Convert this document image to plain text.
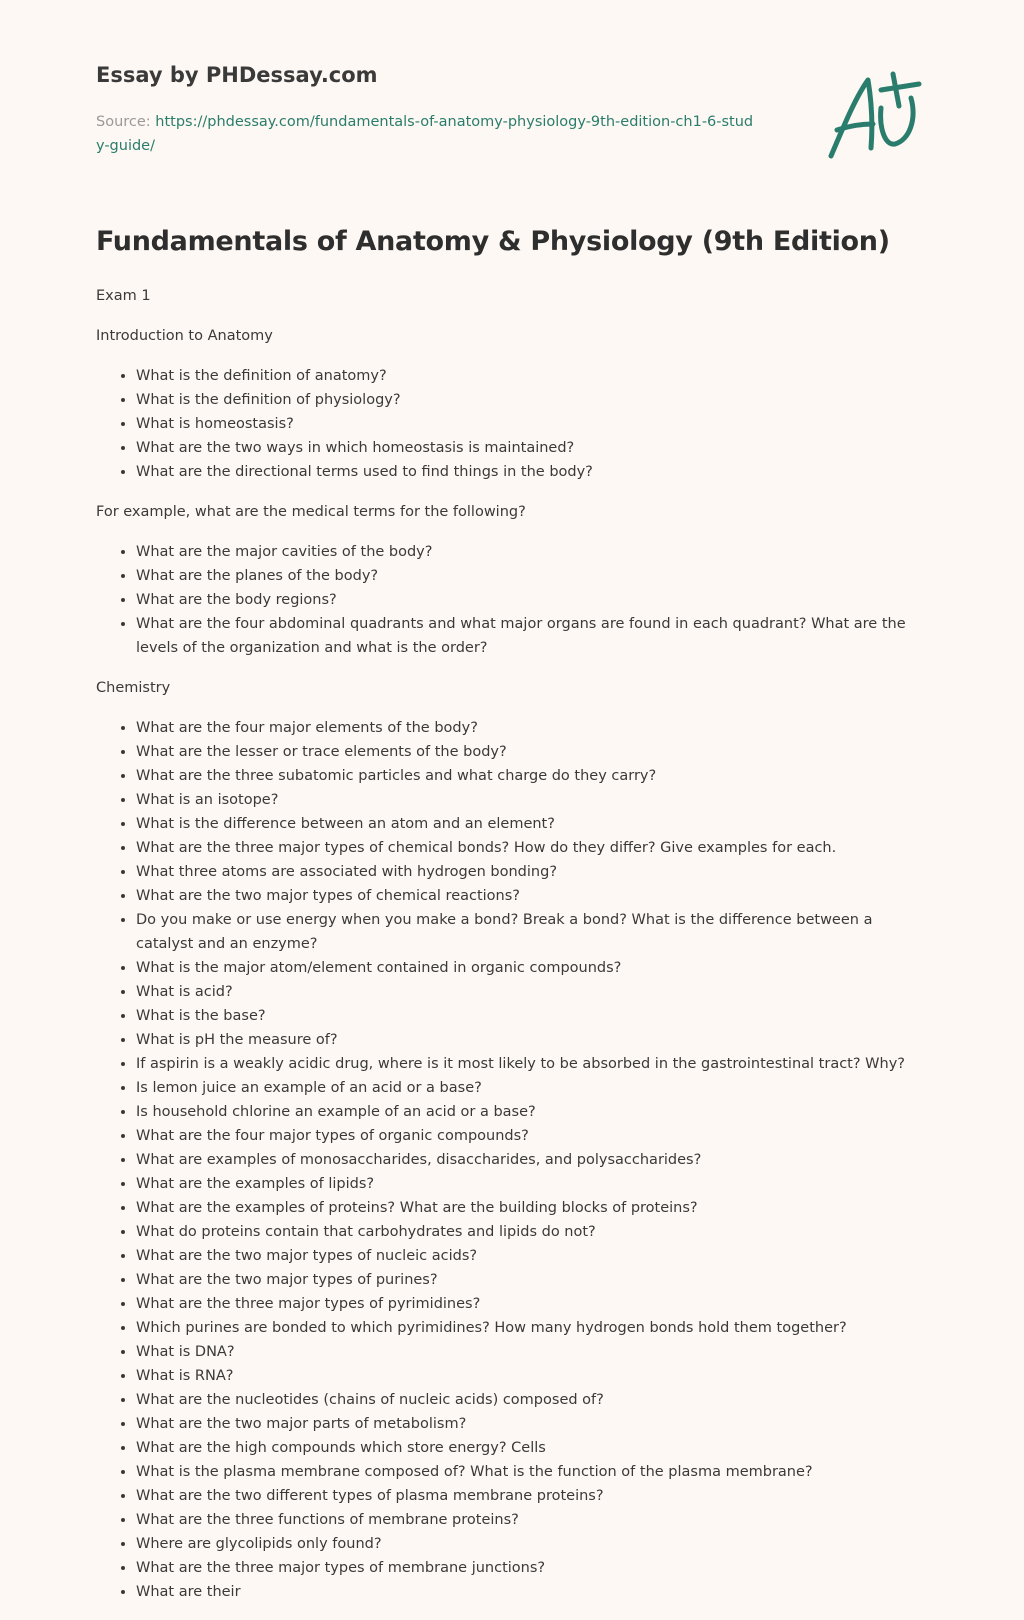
Essay by PHDessay.com
Source: https://phdessay.com/fundamentals-of-anatomy-physiology-9th-edition-ch1-6-study-guide/
Fundamentals of Anatomy & Physiology (9th Edition)

Exam 1

Introduction to Anatomy

• What is the definition of anatomy?
• What is the definition of physiology?
• What is homeostasis?
• What are the two ways in which homeostasis is maintained?
• What are the directional terms used to find things in the body?

For example, what are the medical terms for the following?

• What are the major cavities of the body?
• What are the planes of the body?
• What are the body regions?
• What are the four abdominal quadrants and what major organs are found in each quadrant? What are the levels of the organization and what is the order?

Chemistry

• What are the four major elements of the body?
• What are the lesser or trace elements of the body?
• What are the three subatomic particles and what charge do they carry?
• What is an isotope?
• What is the difference between an atom and an element?
• What are the three major types of chemical bonds? How do they differ? Give examples for each.
• What three atoms are associated with hydrogen bonding?
• What are the two major types of chemical reactions?
• Do you make or use energy when you make a bond? Break a bond? What is the difference between a catalyst and an enzyme?
• What is the major atom/element contained in organic compounds?
• What is acid?
• What is the base?
• What is pH the measure of?
• If aspirin is a weakly acidic drug, where is it most likely to be absorbed in the gastrointestinal tract? Why?
• Is lemon juice an example of an acid or a base?
• Is household chlorine an example of an acid or a base?
• What are the four major types of organic compounds?
• What are examples of monosaccharides, disaccharides, and polysaccharides?
• What are the examples of lipids?
• What are the examples of proteins? What are the building blocks of proteins?
• What do proteins contain that carbohydrates and lipids do not?
• What are the two major types of nucleic acids?
• What are the two major types of purines?
• What are the three major types of pyrimidines?
• Which purines are bonded to which pyrimidines? How many hydrogen bonds hold them together?
• What is DNA?
• What is RNA?
• What are the nucleotides (chains of nucleic acids) composed of?
• What are the two major parts of metabolism?
• What are the high compounds which store energy? Cells
• What is the plasma membrane composed of? What is the function of the plasma membrane?
• What are the two different types of plasma membrane proteins?
• What are the three functions of membrane proteins?
• Where are glycolipids only found?
• What are the three major types of membrane junctions?
• What are their
